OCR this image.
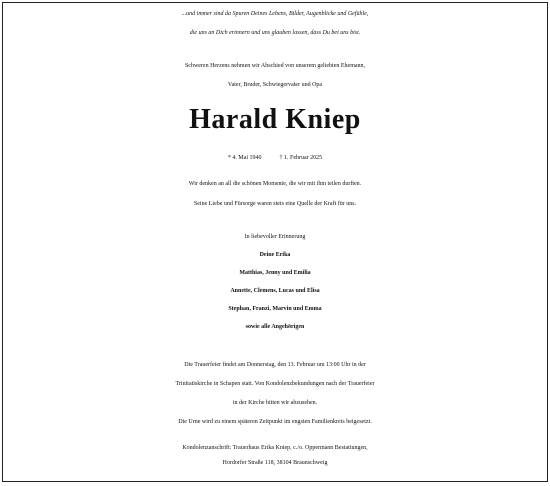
...und immer sind da Spuren Deines Lebens, Bilder, Augenblicke und Gefühle,
die uns an Dich erinnern und uns glauben lassen, dass Du bei uns bist.
Schweren Herzens nehmen wir Abschied von unserem geliebten Ehemann,
Vater, Bruder, Schwiegervater und Opa
Harald Kniep
* 4. Mai 1940	† 1. Februar 2025
Wir denken an all die schönen Momente, die wir mit ihm teilen durften.
Seine Liebe und Fürsorge waren stets eine Quelle der Kraft für uns.
In liebevoller Erinnerung
Deine Erika
Matthias, Jenny und Emilia
Annette, Clemens, Lucas und Elisa
Stephan, Franzi, Marvin und Emma
sowie alle Angehörigen
Die Trauerfeier findet am Donnerstag, den 13. Februar um 13:00 Uhr in der
Trinitatiskirche in Schapen statt. Von Kondolenzbekundungen nach der Trauerfeier
in der Kirche bitten wir abzusehen.
Die Urne wird zu einem späteren Zeitpunkt im engsten Familienkreis beigesetzt.
Kondolenzanschrift: Trauerhaus Erika Kniep, c./o. Oppermann Bestattungen,
Hordorfer Straße 118, 38104 Braunschweig
